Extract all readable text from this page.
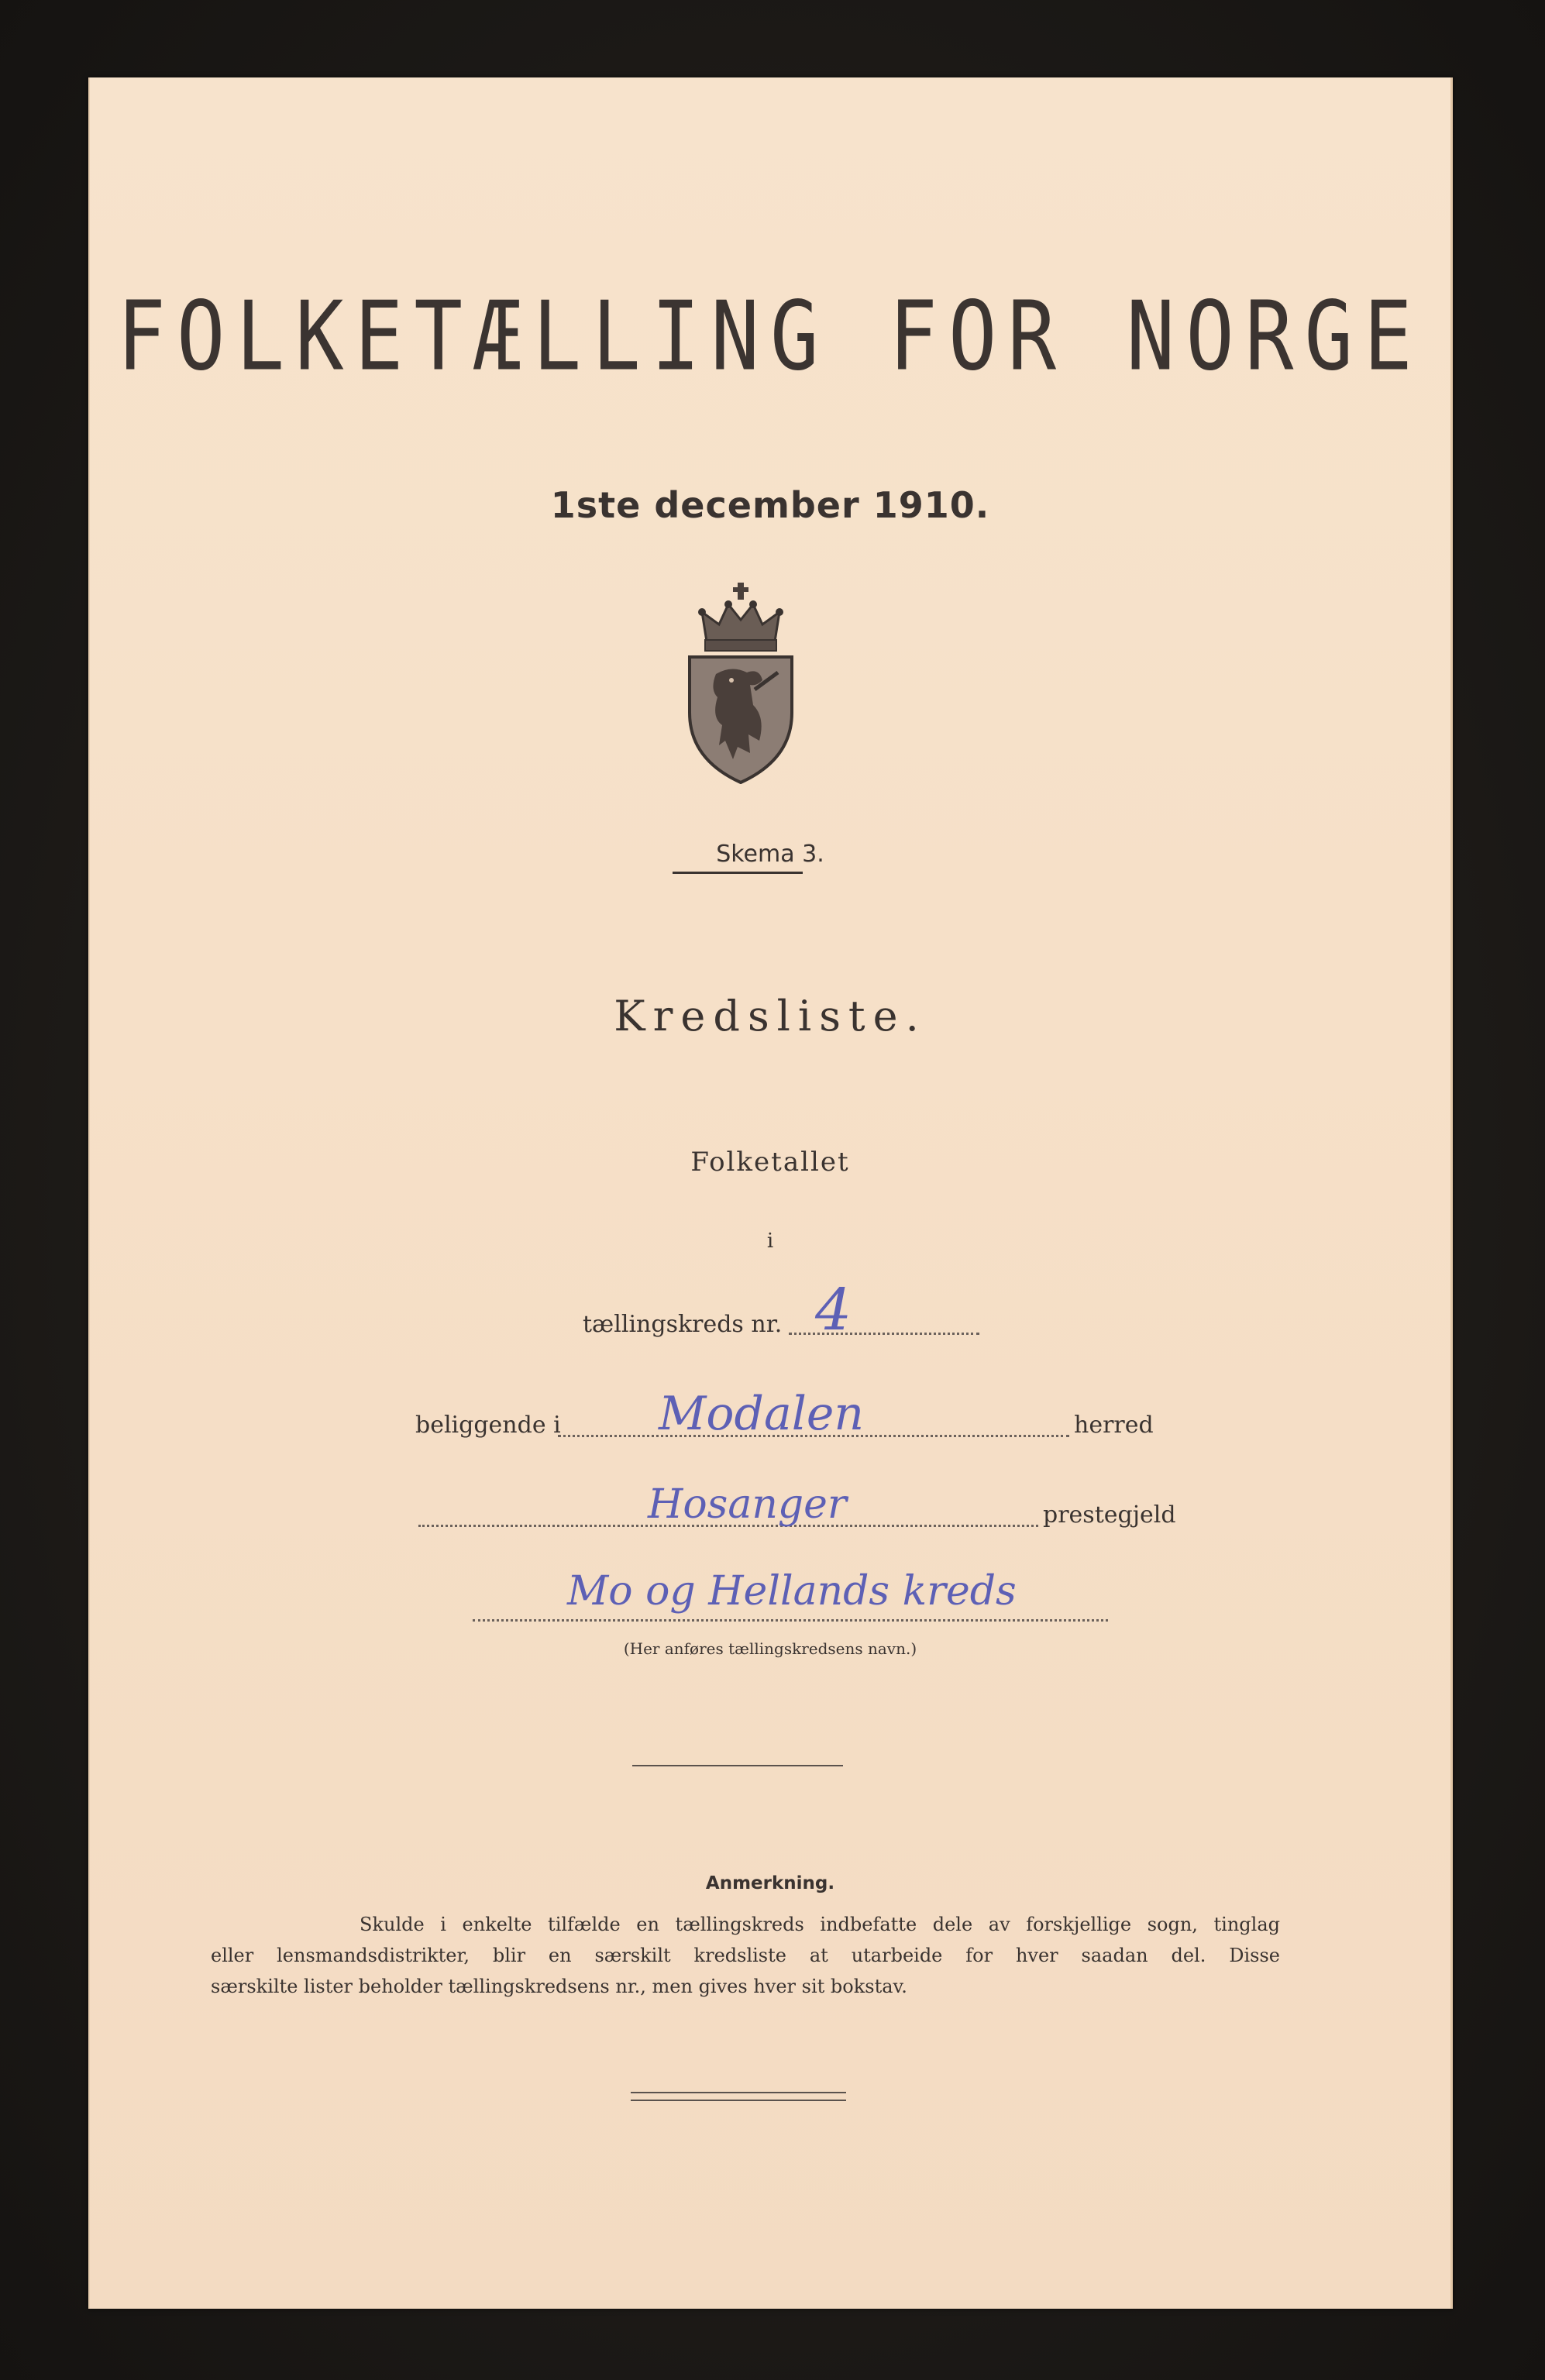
FOLKETÆLLING FOR NORGE
1ste december 1910.
Skema 3.
Kredsliste.
Folketallet
i
tællingskreds nr. 4
beliggende i Modalen	herred
Hosanger	prestegjeld
Mo og Hellands kreds
(Her anføres tællingskredsens navn.)
Anmerkning.
Skulde i enkelte tilfælde en tællingskreds indbefatte dele av forskjellige sogn, tinglag
eller lensmandsdistrikter, blir en særskilt kredsliste at utarbeide for hver saadan del. Disse
særskilte lister beholder tællingskredsens nr., men gives hver sit bokstav.
